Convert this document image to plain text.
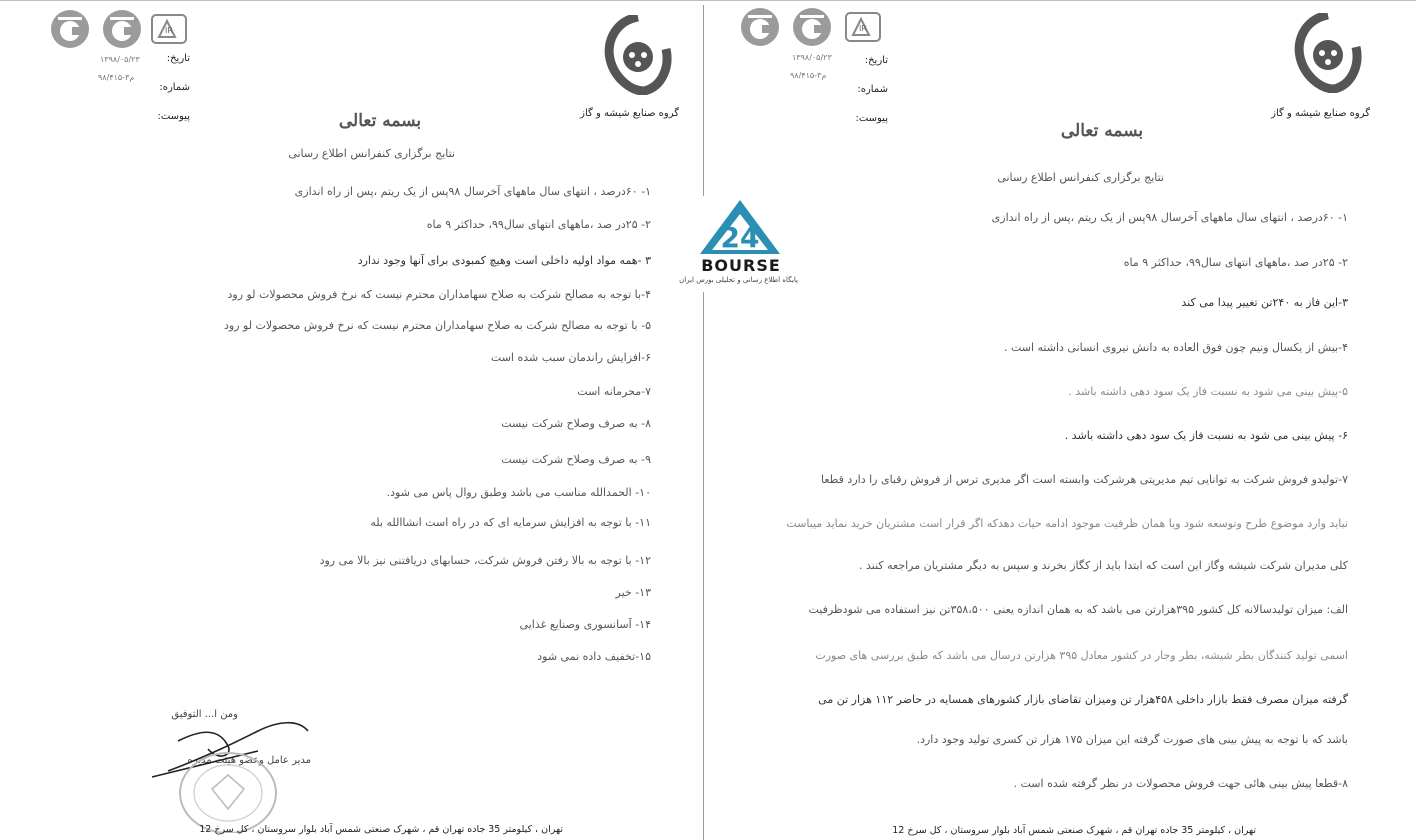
IR
گروه صنایع شیشه و گاز
تاریخ:
شماره:
پیوست:
۱۳۹۸/۰۵/۲۳
۹۸/۴۱۵-۳م
بسمه تعالی
نتایج برگزاری کنفرانس اطلاع رسانی
۱- ۶۰درصد ، انتهای سال ماههای آخرسال ۹۸پس از یک ریتم ،پس از راه اندازی
۲- ۲۵در صد ،ماههای انتهای سال۹۹، حداکثر ۹ ماه
۳ -همه مواد اولیه داخلی است وهیچ کمبودی برای آنها وجود ندارد
۴-با توجه به مصالح شرکت به صلاح سهامداران محترم نیست که نرخ فروش محصولات لو رود
۵- با توجه به مصالح شرکت به صلاح سهامداران محترم نیست که نرخ فروش محصولات لو رود
۶-افزایش راندمان سبب شده است
۷-محرمانه است
۸- به صرف وصلاح شرکت نیست
۹- به صرف وصلاح شرکت نیست
۱۰- الحمدالله مناسب می باشد وطبق روال پاس می شود.
۱۱- با توجه به افزایش سرمایه ای که در راه است انشاالله بله
۱۲- با توجه به بالا رفتن فروش شرکت، حسابهای دریافتنی نیز بالا می رود
۱۳- خیر
۱۴- آسانسوری وصنایع غذایی
۱۵-تخفیف داده نمی شود
ومن ا... التوفیق
مدیر عامل وعضو هیئت مدیره
تهران ، کیلومتر 35 جاده تهران قم ، شهرک صنعتی شمس آباد بلوار سروستان ، کل سرخ 12
IR
گروه صنایع شیشه و گاز
تاریخ:
شماره:
پیوست:
۱۳۹۸/۰۵/۲۳
۹۸/۴۱۵-۳م
بسمه تعالی
نتایج برگزاری کنفرانس اطلاع رسانی
۱- ۶۰درصد ، انتهای سال ماههای آخرسال ۹۸پس از یک ریتم ،پس از راه اندازی
۲- ۲۵در صد ،ماههای انتهای سال۹۹، حداکثر ۹ ماه
۳-این فاز به ۲۴۰تن تغییر پیدا می کند
۴-بیش از یکسال ونیم چون فوق العاده به دانش نیروی انسانی داشته است .
۵-پیش بینی می شود به نسبت فاز یک سود دهی داشته باشد .
۶- پیش بینی می شود به نسبت فاز یک سود دهی داشته باشد .
۷-تولیدو فروش شرکت به توانایی تیم مدیریتی هرشرکت وابسته است اگر مدیری ترس از فروش رقبای را دارد قطعا
نباید وارد موضوع طرح وتوسعه شود ویا همان ظرفیت موجود ادامه حیات دهدکه اگر قرار است مشتریان خرید نماید میباست
کلی مدیران شرکت شیشه وگاز این است که ابتدا باید از کگاز بخرند و سپس به دیگر مشتریان مراجعه کنند .
الف: میزان تولیدسالانه کل کشور ۳۹۵هزارتن می باشد که به همان اندازه یعنی ۳۵۸،۵۰۰تن نیز استفاده می شودظرفیت
اسمی تولید کنندگان بطر شیشه، بطر وجار در کشور معادل ۳۹۵ هزارتن درسال می باشد که طبق بررسی های صورت
گرفته میزان مصرف فقط بازار داخلی ۴۵۸هزار تن ومیزان تقاضای بازار کشورهای همسایه در حاضر ۱۱۲ هزار تن می
باشد که با توجه به پیش بینی های صورت گرفته این میزان ۱۷۵ هزار تن کسری تولید وجود دارد.
۸-قطعا پیش بینی هائی جهت فروش محصولات در نظر گرفته شده است .
تهران ، کیلومتر 35 جاده تهران قم ، شهرک صنعتی شمس آباد بلوار سروستان ، کل سرخ 12
24
BOURSE
پایگاه اطلاع رسانی و تحلیلی بورس ایران
